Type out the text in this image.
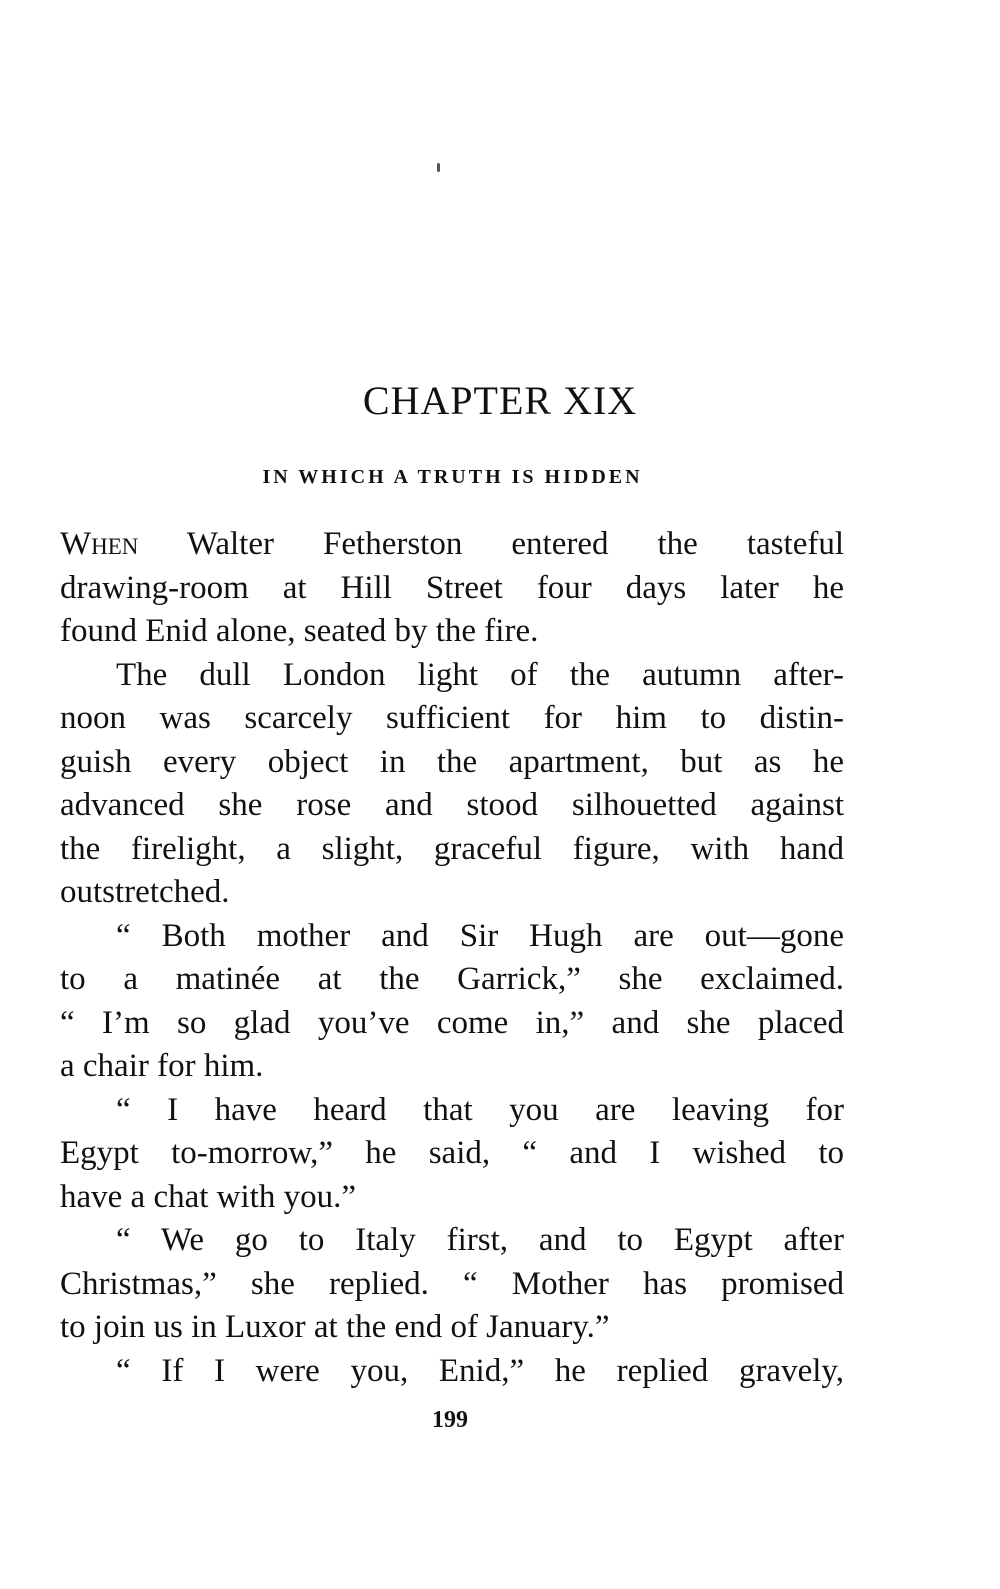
CHAPTER XIX
IN WHICH A TRUTH IS HIDDEN
When Walter Fetherston entered the tasteful
drawing-room at Hill Street four days later he
found Enid alone, seated by the fire.
The dull London light of the autumn after-
noon was scarcely sufficient for him to distin-
guish every object in the apartment, but as he
advanced she rose and stood silhouetted against
the firelight, a slight, graceful figure, with hand
outstretched.
“ Both mother and Sir Hugh are out—gone
to a matinée at the Garrick,” she exclaimed.
“ I’m so glad you’ve come in,” and she placed
a chair for him.
“ I have heard that you are leaving for
Egypt to-morrow,” he said, “ and I wished to
have a chat with you.”
“ We go to Italy first, and to Egypt after
Christmas,” she replied. “ Mother has promised
to join us in Luxor at the end of January.”
“ If I were you, Enid,” he replied gravely,
199
